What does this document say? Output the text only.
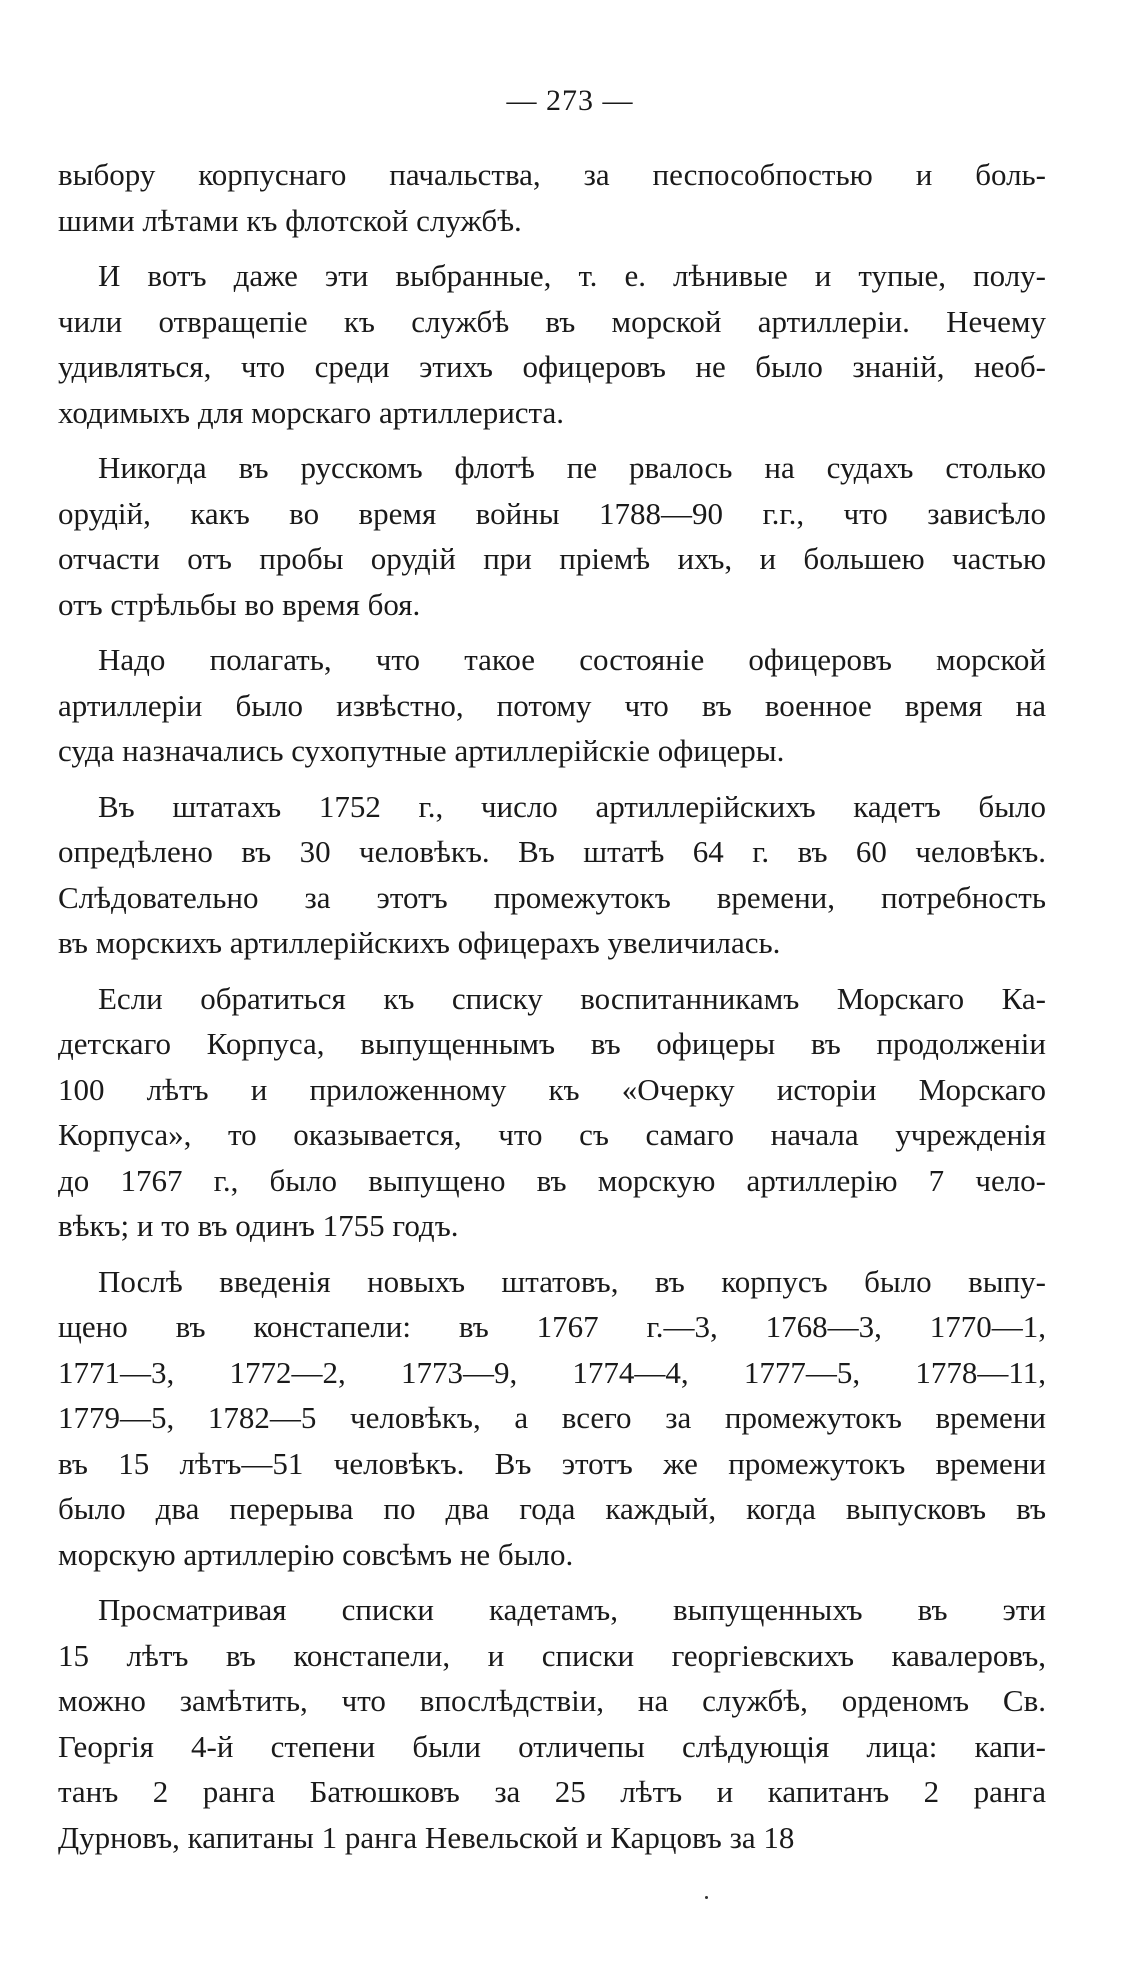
— 273 —
выбору корпуснаго пачальства, за песпособпостью и боль-
шими лѣтами къ флотской службѣ.
И вотъ даже эти выбранные, т. е. лѣнивые и тупые, полу-
чили отвращепіе къ службѣ въ морской артиллеріи. Нечему
удивляться, что среди этихъ офицеровъ не было знаній, необ-
ходимыхъ для морскаго артиллериста.
Никогда въ русскомъ флотѣ пе рвалось на судахъ столько
орудій, какъ во время войны 1788—90 г.г., что зависѣло
отчасти отъ пробы орудій при пріемѣ ихъ, и большею частью
отъ стрѣльбы во время боя.
Надо полагать, что такое состояніе офицеровъ морской
артиллеріи было извѣстно, потому что въ военное время на
суда назначались сухопутные артиллерійскіе офицеры.
Въ штатахъ 1752 г., число артиллерійскихъ кадетъ было
опредѣлено въ 30 человѣкъ. Въ штатѣ 64 г. въ 60 человѣкъ.
Слѣдовательно за этотъ промежутокъ времени, потребность
въ морскихъ артиллерійскихъ офицерахъ увеличилась.
Если обратиться къ списку воспитанникамъ Морскаго Ка-
детскаго Корпуса, выпущеннымъ въ офицеры въ продолженіи
100 лѣтъ и приложенному къ «Очерку исторіи Морскаго
Корпуса», то оказывается, что съ самаго начала учрежденія
до 1767 г., было выпущено въ морскую артиллерію 7 чело-
вѣкъ; и то въ одинъ 1755 годъ.
Послѣ введенія новыхъ штатовъ, въ корпусъ было выпу-
щено въ констапели: въ 1767 г.—3, 1768—3, 1770—1,
1771—3, 1772—2, 1773—9, 1774—4, 1777—5, 1778—11,
1779—5, 1782—5 человѣкъ, а всего за промежутокъ времени
въ 15 лѣтъ—51 человѣкъ. Въ этотъ же промежутокъ времени
было два перерыва по два года каждый, когда выпусковъ въ
морскую артиллерію совсѣмъ не было.
Просматривая списки кадетамъ, выпущенныхъ въ эти
15 лѣтъ въ констапели, и списки георгіевскихъ кавалеровъ,
можно замѣтить, что впослѣдствіи, на службѣ, орденомъ Св.
Георгія 4-й степени были отличепы слѣдующія лица: капи-
танъ 2 ранга Батюшковъ за 25 лѣтъ и капитанъ 2 ранга
Дурновъ, капитаны 1 ранга Невельской и Карцовъ за 18
